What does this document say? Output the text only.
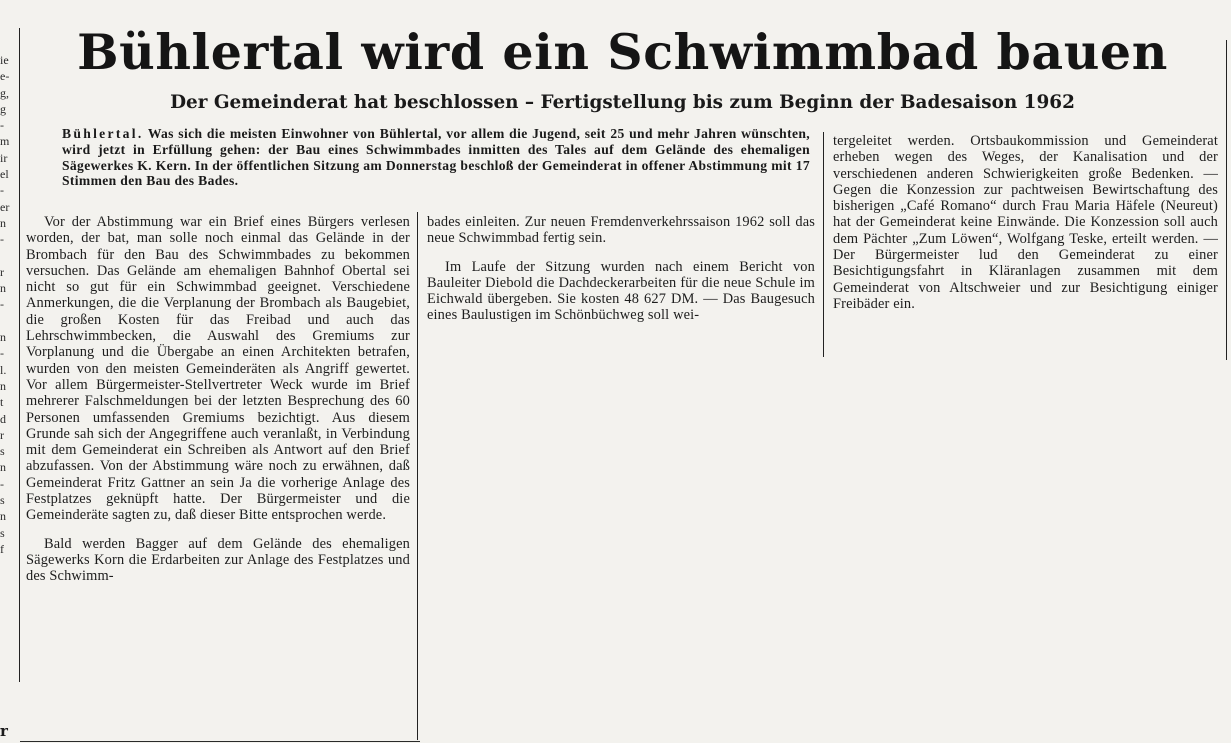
ie
e-
g,
g
-
m
ir
el
-
er
n
-
r
n
-
n
-
l.
n
t
d
r
s
n
-
s
n
s
f
Bühlertal wird ein Schwimmbad bauen
Der Gemeinderat hat beschlossen – Fertigstellung bis zum Beginn der Badesaison 1962
Bühlertal. Was sich die meisten Einwohner von Bühlertal, vor allem die Jugend, seit 25 und mehr Jahren wünschten, wird jetzt in Erfüllung gehen: der Bau eines Schwimmbades inmitten des Tales auf dem Gelände des ehemaligen Sägewerkes K. Kern. In der öffentlichen Sitzung am Donnerstag beschloß der Gemeinderat in offener Abstimmung mit 17 Stimmen den Bau des Bades.

Vor der Abstimmung war ein Brief eines Bürgers verlesen worden, der bat, man solle noch einmal das Gelände in der Brombach für den Bau des Schwimmbades zu bekommen versuchen. Das Gelände am ehemaligen Bahnhof Obertal sei nicht so gut für ein Schwimmbad geeignet. Verschiedene Anmerkungen, die die Verplanung der Brombach als Baugebiet, die großen Kosten für das Freibad und auch das Lehrschwimmbecken, die Auswahl des Gremiums zur Vorplanung und die Übergabe an einen Architekten betrafen, wurden von den meisten Gemeinderäten als Angriff gewertet. Vor allem Bürgermeister-Stellvertreter Weck wurde im Brief mehrerer Falschmeldungen bei der letzten Besprechung des 60 Personen umfassenden Gremiums bezichtigt. Aus diesem Grunde sah sich der Angegriffene auch veranlaßt, in Verbindung mit dem Gemeinderat ein Schreiben als Antwort auf den Brief abzufassen. Von der Abstimmung wäre noch zu erwähnen, daß Gemeinderat Fritz Gattner an sein Ja die vorherige Anlage des Festplatzes geknüpft hatte. Der Bürgermeister und die Gemeinderäte sagten zu, daß dieser Bitte entsprochen werde.

Bald werden Bagger auf dem Gelände des ehemaligen Sägewerks Korn die Erdarbeiten zur Anlage des Festplatzes und des Schwimm-

bades einleiten. Zur neuen Fremdenverkehrssaison 1962 soll das neue Schwimmbad fertig sein.

Im Laufe der Sitzung wurden nach einem Bericht von Bauleiter Diebold die Dachdeckerarbeiten für die neue Schule im Eichwald übergeben. Sie kosten 48 627 DM. — Das Baugesuch eines Baulustigen im Schönbüchweg soll wei-

tergeleitet werden. Ortsbaukommission und Gemeinderat erheben wegen des Weges, der Kanalisation und der verschiedenen anderen Schwierigkeiten große Bedenken. — Gegen die Konzession zur pachtweisen Bewirtschaftung des bisherigen „Café Romano“ durch Frau Maria Häfele (Neureut) hat der Gemeinderat keine Einwände. Die Konzession soll auch dem Pächter „Zum Löwen“, Wolfgang Teske, erteilt werden. — Der Bürgermeister lud den Gemeinderat zu einer Besichtigungsfahrt in Kläranlagen zusammen mit dem Gemeinderat von Altschweier und zur Besichtigung einiger Freibäder ein.

r
